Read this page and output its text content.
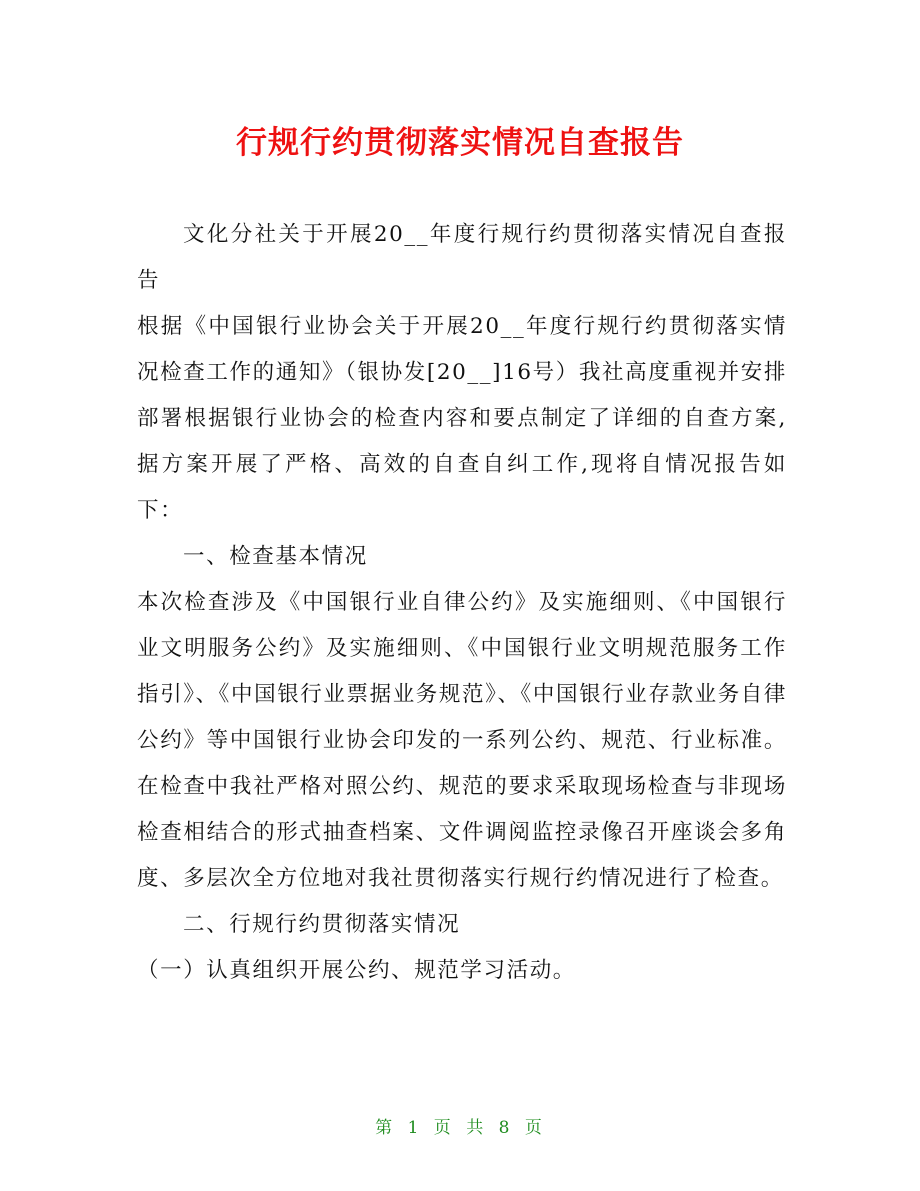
行规行约贯彻落实情况自查报告

文化分社关于开展20__年度行规行约贯彻落实情况自查报告

根据《中国银行业协会关于开展20__年度行规行约贯彻落实情况检查工作的通知》（银协发[20__]16号）我社高度重视并安排部署根据银行业协会的检查内容和要点制定了详细的自查方案,据方案开展了严格、高效的自查自纠工作,现将自情况报告如下：

一、检查基本情况

本次检查涉及《中国银行业自律公约》及实施细则、《中国银行业文明服务公约》及实施细则、《中国银行业文明规范服务工作指引》、《中国银行业票据业务规范》、《中国银行业存款业务自律公约》等中国银行业协会印发的一系列公约、规范、行业标准。在检查中我社严格对照公约、规范的要求采取现场检查与非现场检查相结合的形式抽查档案、文件调阅监控录像召开座谈会多角度、多层次全方位地对我社贯彻落实行规行约情况进行了检查。

二、行规行约贯彻落实情况

（一）认真组织开展公约、规范学习活动。

第 1 页 共 8 页
